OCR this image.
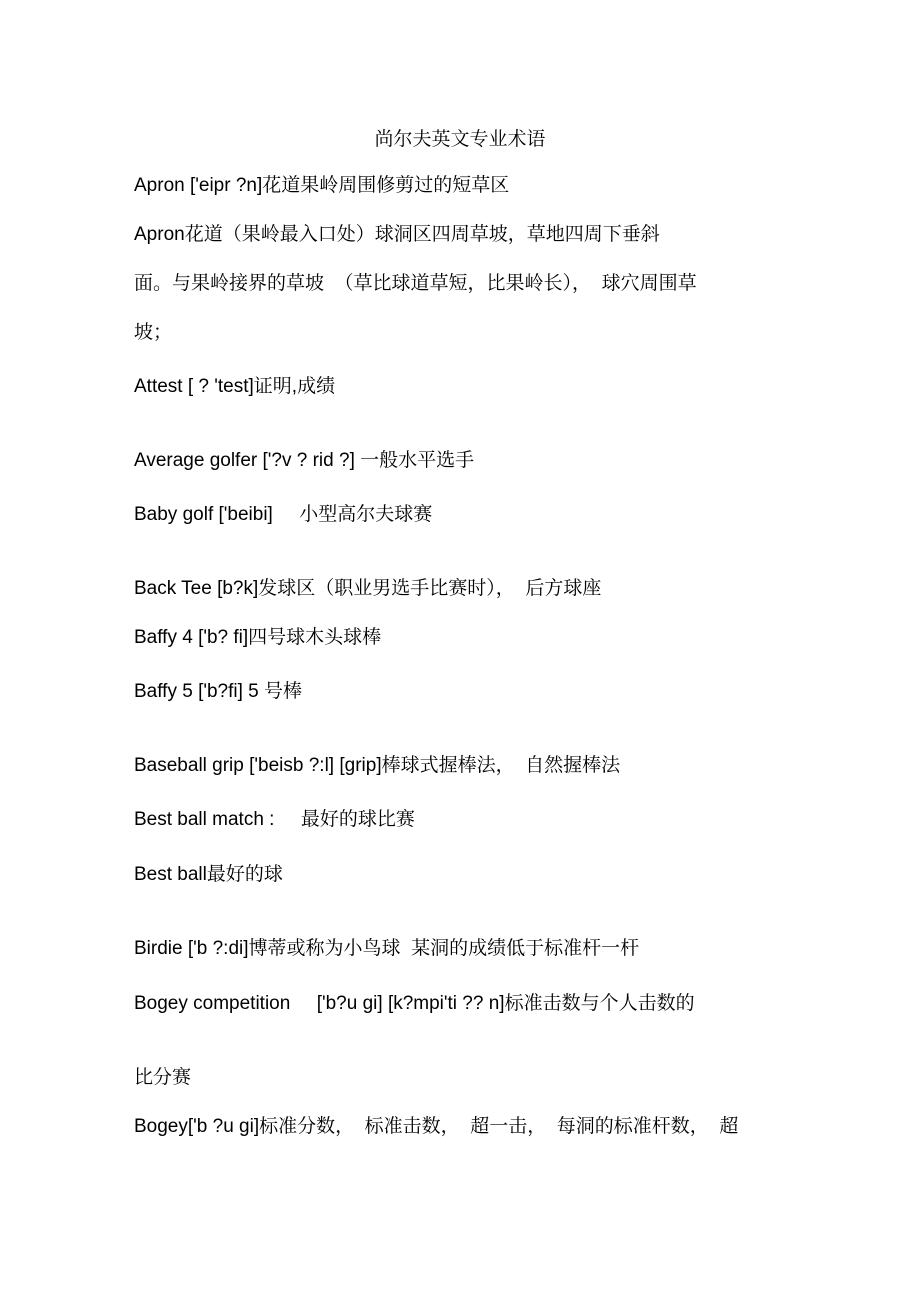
尚尔夫英文专业术语
Apron ['eipr ?n]花道果岭周围修剪过的短草区
Apron花道（果岭最入口处）球洞区四周草坡，草地四周下垂斜
面。与果岭接界的草坡  （草比球道草短，比果岭长），  球穴周围草
坡；
Attest [ ? 'test]证明,成绩
Average golfer ['?v ? rid ?] 一般水平选手
Baby golf ['beibi]     小型高尔夫球赛
Back Tee [b?k]发球区（职业男选手比赛时），  后方球座
Baffy 4 ['b? fi]四号球木头球棒
Baffy 5 ['b?fi] 5 号棒
Baseball grip ['beisb ?:l] [grip]棒球式握棒法，  自然握棒法
Best ball match :     最好的球比赛
Best ball最好的球
Birdie ['b ?:di]博蒂或称为小鸟球  某洞的成绩低于标准杆一杆
Bogey competition     ['b?u gi] [k?mpi'ti ?? n]标准击数与个人击数的
比分赛
Bogey['b ?u gi]标准分数，  标准击数，  超一击，  每洞的标准杆数，  超
